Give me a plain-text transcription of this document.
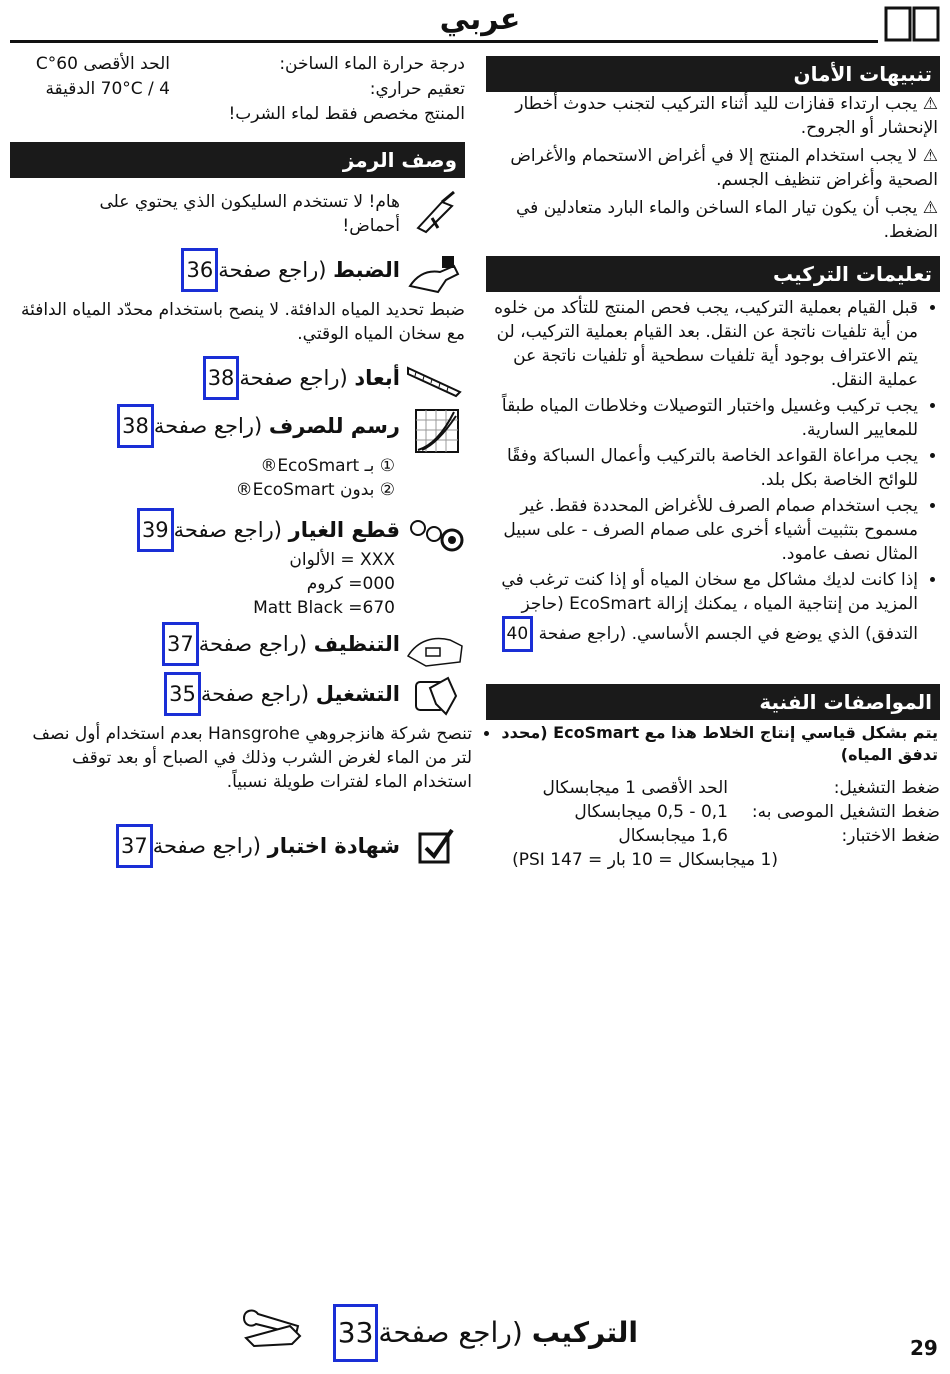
عربي
درجة حرارة الماء الساخن:
الحد الأقصى 60°C
تعقيم حراري:
70°C / 4 الدقيقة
المنتج مخصص فقط لماء الشرب!
وصف الرمز
هام! لا تستخدم السليكون الذي يحتوي على أحماض!
الضبط (راجع صفحة36
ضبط تحديد المياه الدافئة. لا ينصح باستخدام محدّد المياه الدافئة مع سخان المياه الوقتي.
أبعاد (راجع صفحة38
رسم للصرف (راجع صفحة38
① بـ EcoSmart®
② بدون EcoSmart®
قطع الغيار (راجع صفحة39
XXX = الألوان
000= كروم
670= Matt Black
التنظيف (راجع صفحة37
التشغيل (راجع صفحة35
• تنصح شركة هانزجروهي Hansgrohe بعدم استخدام أول نصف لتر من الماء لغرض الشرب وذلك في الصباح أو بعد توقف استخدام الماء لفترات طويلة نسبياً.
شهادة اختبار (راجع صفحة37
تنبيهات الأمان
⚠ يجب ارتداء قفازات لليد أثناء التركيب لتجنب حدوث أخطار الإنحشار أو الجروح.
⚠ لا يجب استخدام المنتج إلا في أغراض الاستحمام والأغراض الصحية وأغراض تنظيف الجسم.
⚠ يجب أن يكون تيار الماء الساخن والماء البارد متعادلين في الضغط.
تعليمات التركيب
• قبل القيام بعملية التركيب، يجب فحص المنتج للتأكد من خلوه من أية تلفيات ناتجة عن النقل. بعد القيام بعملية التركيب، لن يتم الاعتراف بوجود أية تلفيات سطحية أو تلفيات ناتجة عن عملية النقل.
• يجب تركيب وغسيل واختبار التوصيلات وخلاطات المياه طبقاً للمعايير السارية.
• يجب مراعاة القواعد الخاصة بالتركيب وأعمال السباكة وفقًا للوائح الخاصة بكل بلد.
• يجب استخدام صمام الصرف للأغراض المحددة فقط. غير مسموح بتثبيت أشياء أخرى على صمام الصرف - على سبيل المثال نصف عامود.
• إذا كانت لديك مشاكل مع سخان المياه أو إذا كنت ترغب في المزيد من إنتاجية المياه ، يمكنك إزالة EcoSmart (حاجز التدفق) الذي يوضع في الجسم الأساسي. (راجع صفحة 40
المواصفات الفنية
يتم بشكل قياسي إنتاج الخلاط هذا مع EcoSmart (محدد تدفق المياه)
ضغط التشغيل:
الحد الأقصى 1 ميجابسكال
ضغط التشغيل الموصى به:
0,1 - 0,5 ميجابسكال
ضغط الاختبار:
1,6 ميجابسكال
(1 ميجابسكال = 10 بار = 147 PSI)
التركيب (راجع صفحة33	29
